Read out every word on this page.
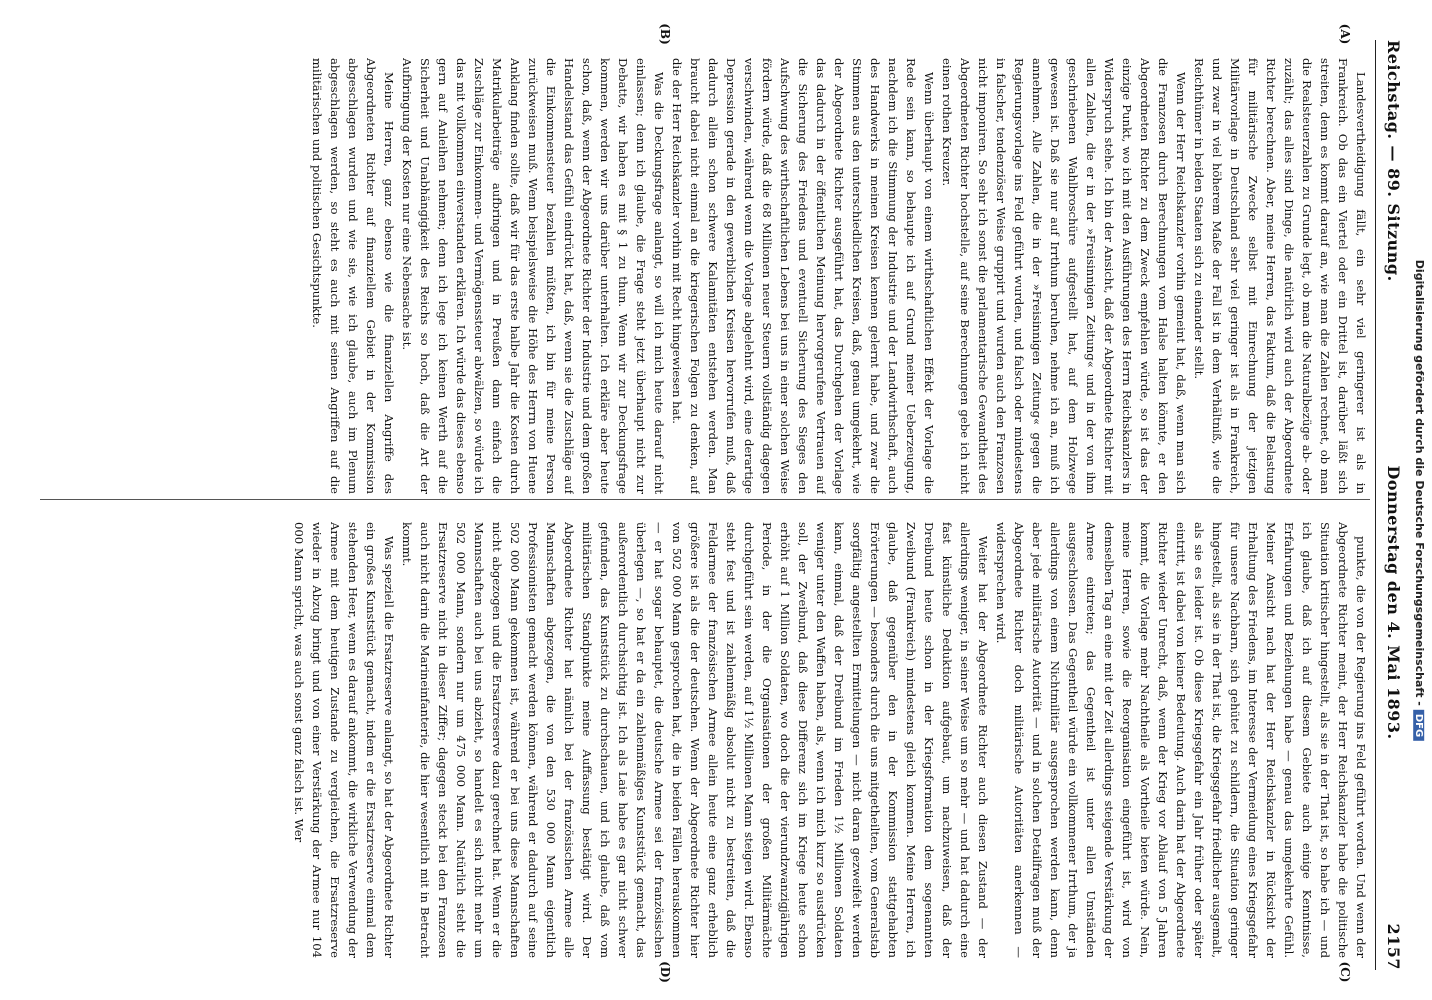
Reichstag. — 89. Sitzung.
Donnerstag den 4. Mai 1893.
2157
(A)
(B)
(C)
(D)

Landesvertheidigung fällt, ein sehr viel geringerer ist als in Frankreich. Ob das ein Viertel oder ein Drittel ist, darüber läßt sich streiten, denn es kommt darauf an, wie man die Zahlen rechnet, ob man die Realsteuerzahlen zu Grunde legt, ob man die Naturalbezüge ab- oder zuzählt; das alles sind Dinge, die natürlich wird auch der Abgeordnete Richter berechnen. Aber, meine Herren, das Faktum, daß die Belastung für militärische Zwecke selbst mit Einrechnung der jetzigen Militärvorlage in Deutschland sehr viel geringer ist als in Frankreich, und zwar in viel höherem Maße der Fall ist in dem Verhältniß, wie die Reichthümer in beiden Staaten sich zu einander stellt.

Wenn der Herr Reichskanzler vorhin gemeint hat, daß, wenn man sich die Franzosen durch Berechnungen vom Halse halten könnte, er den Abgeordneten Richter zu dem Zweck empfehlen würde, so ist das der einzige Punkt, wo ich mit den Ausführungen des Herrn Reichskanzlers in Widerspruch stehe. Ich bin der Ansicht, daß der Abgeordnete Richter mit allen Zahlen, die er in der »Freisinnigen Zeitung« und in der von ihm geschriebenen Wahlbroschüre aufgestellt hat, auf dem Holzwege gewesen ist. Daß sie nur auf Irrthum beruhen, nehme ich an, muß ich annehmen. Alle Zahlen, die in der »Freisinnigen Zeitung« gegen die Regierungsvorlage ins Feld geführt wurden, und falsch oder mindestens in falscher, tendenziöser Weise gruppirt und wurden auch den Franzosen nicht imponiren. So sehr ich sonst die parlamentarische Gewandtheit des Abgeordneten Richter hochstelle, auf seine Berechnungen gebe ich nicht einen rothen Kreuzer.

Wenn überhaupt von einem wirthschaftlichen Effekt der Vorlage die Rede sein kann, so behaupte ich auf Grund meiner Ueberzeugung, nachdem ich die Stimmung der Industrie und der Landwirthschaft, auch des Handwerks in meinen Kreisen kennen gelernt habe, und zwar die Stimmen aus den unterschiedlichen Kreisen, daß, genau umgekehrt, wie der Abgeordnete Richter ausgeführt hat, das Durchgehen der Vorlage das dadurch in der öffentlichen Meinung hervorgerufene Vertrauen auf die Sicherung des Friedens und eventuell Sicherung des Sieges den Aufschwung des wirthschaftlichen Lebens bei uns in einer solchen Weise fördern würde, daß die 68 Millionen neuer Steuern vollständig dagegen verschwinden, während wenn die Vorlage abgelehnt wird, eine derartige Depression gerade in den gewerblichen Kreisen hervorrufen muß, daß dadurch allein schon schwere Kalamitäten entstehen werden. Man braucht dabei nicht einmal an die kriegerischen Folgen zu denken, auf die der Herr Reichskanzler vorhin mit Recht hingewiesen hat.

Was die Deckungsfrage anlangt, so will ich mich heute darauf nicht einlassen; denn ich glaube, die Frage steht jetzt überhaupt nicht zur Debatte, wir haben es mit § 1 zu thun. Wenn wir zur Deckungsfrage kommen, werden wir uns darüber unterhalten. Ich erkläre aber heute schon, daß, wenn der Abgeordnete Richter der Industrie und dem großen Handelsstand das Gefühl eindrückt hat, daß, wenn sie die Zuschläge auf die Einkommensteuer bezahlen müßten, ich bin für meine Person zurückweisen muß. Wenn beispielsweise die Höhe des Herrn von Huene Anklang finden sollte, daß wir für das erste halbe Jahr die Kosten durch Matrikularbeiträge aufbringen und in Preußen dann einfach die Zuschläge zur Einkommen- und Vermögenssteuer abwälzen, so würde ich das mit vollkommen einverstanden erklären. Ich würde das dieses ebenso gern auf Anleihen nehmen; denn ich lege ich keinen Werth auf die Sicherheit und Unabhängigkeit des Reichs so hoch, daß die Art der Aufbringung der Kosten nur eine Nebensache ist.

Meine Herren, ganz ebenso wie die finanziellen Angriffe des Abgeordneten Richter auf finanziellem Gebiet in der Kommission abgeschlagen wurden und wie sie, wie ich glaube, auch im Plenum abgeschlagen werden, so steht es auch mit seinen Angriffen auf die militärischen und politischen Gesichtspunkte.

punkte, die von der Regierung ins Feld geführt worden. Und wenn der Abgeordnete Richter meint, der Herr Reichskanzler habe die politische Situation kritischer hingestellt, als sie in der That ist, so habe ich — und ich glaube, daß ich auf diesem Gebiete auch einige Kenntnisse, Erfahrungen und Beziehungen habe — genau das umgekehrte Gefühl. Meiner Ansicht nach hat der Herr Reichskanzler in Rücksicht der Erhaltung des Friedens, im Interesse der Vermeidung eines Kriegsgefahr für unsere Nachbarn, sich gehütet zu schildern, die Situation geringer hingestellt, als sie in der That ist, die Kriegsgefahr friedlicher ausgemalt, als sie es leider ist. Ob diese Kriegsgefahr ein Jahr früher oder später eintritt, ist dabei von keiner Bedeutung. Auch darin hat der Abgeordnete Richter wieder Unrecht, daß, wenn der Krieg vor Ablauf von 5 Jahren kommt, die Vorlage mehr Nachtheile als Vortheile bieten würde. Nein, meine Herren, sowie die Reorganisation eingeführt ist, wird von demselben Tag an eine mit der Zeit allerdings steigende Verstärkung der Armee eintreten; das Gegentheil ist unter allen Umständen ausgeschlossen. Das Gegentheil würde ein vollkommener Irrthum, der ja allerdings von einem Nichtmilitär ausgesprochen werden kann, denn aber jede militärische Autorität — und in solchen Detailfragen muß der Abgeordnete Richter doch militärische Autoritäten anerkennen — widersprechen wird.

Weiter hat der Abgeordnete Richter auch diesen Zustand — der allerdings weniger, in seiner Weise um so mehr — und hat dadurch eine fast künstliche Deduktion aufgebaut, um nachzuweisen, daß der Dreibund heute schon in der Kriegsformation dem sogenannten Zweibund (Frankreich) mindestens gleich kommen. Meine Herren, ich glaube, daß gegenüber den in der Kommission stattgehabten Erörterungen — besonders durch die uns mitgetheilten, vom Generalstab sorgfältig angestellten Ermittelungen — nicht daran gezweifelt werden kann, einmal, daß der Dreibund im Frieden 1½ Millionen Soldaten weniger unter den Waffen haben, als, wenn ich mich kurz so ausdrücken soll, der Zweibund, daß diese Differenz sich im Kriege heute schon erhöht auf 1 Million Soldaten, wo doch die der vierundzwanzigjährigen Periode, in der die Organisationen der großen Militärmächte durchgeführt sein werden, auf 1½ Millionen Mann steigen wird. Ebenso steht fest und ist zahlenmäßig absolut nicht zu bestreiten, daß die Feldarmee der französischen Armee allein heute eine ganz erheblich größere ist als die der deutschen. Wenn der Abgeordnete Richter hier von 502 000 Mann gesprochen hat, die in beiden Fällen herauskommen — er hat sogar behauptet, die deutsche Armee sei der französischen überlegen —, so hat er da ein zahlenmäßiges Kunststück gemacht, das außerordentlich durchsichtig ist. Ich als Laie habe es gar nicht schwer gefunden, das Kunststück zu durchschauen, und ich glaube, daß vom militärischen Standpunkte meine Auffassung bestätigt wird. Der Abgeordnete Richter hat nämlich bei der französischen Armee alle Mannschaften abgezogen, die von den 530 000 Mann eigentlich Professionisten gemacht werden können, während er dadurch auf seine 502 000 Mann gekommen ist, während er bei uns diese Mannschaften nicht abgezogen und die Ersatzreserve dazu gerechnet hat. Wenn er die Mannschaften auch bei uns abzieht, so handelt es sich nicht mehr um 502 000 Mann, sondern nur um 475 000 Mann. Natürlich steht die Ersatzreserve nicht in dieser Ziffer; dagegen steckt bei den Franzosen auch nicht darin die Marineinfanterie, die hier wesentlich mit in Betracht kommt.

Was speziell die Ersatzreserve anlangt, so hat der Abgeordnete Richter ein großes Kunststück gemacht, indem er die Ersatzreserve einmal dem stehenden Heer, wenn es darauf ankommt, die wirkliche Verwendung der Armee mit dem heutigen Zustande zu vergleichen, die Ersatzreserve wieder in Abzug bringt und von einer Verstärkung der Armee nur 104 000 Mann spricht, was auch sonst ganz falsch ist. Wer	Digitalisierung gefördert durch die Deutsche Forschungsgemeinschaft -DFG
